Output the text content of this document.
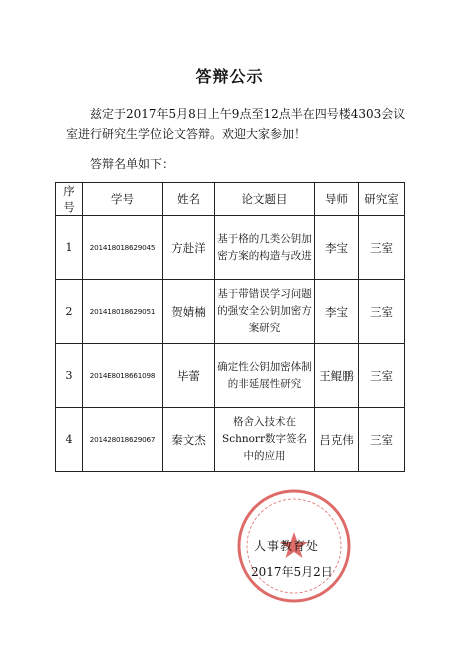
答辩公示

兹定于2017年5月8日上午9点至12点半在四号楼4303会议室进行研究生学位论文答辩。欢迎大家参加！

答辩名单如下：
序号	学号	姓名	论文题目	导师	研究室
1	201418018629045	方赴洋	基于格的几类公钥加密方案的构造与改进	李宝	三室
2	201418018629051	贺婧楠	基于带错误学习问题的强安全公钥加密方案研究	李宝	三室
3	2014E8018661098	毕蕾	确定性公钥加密体制的非延展性研究	王鲲鹏	三室
4	201428018629067	秦文杰	格舍入技术在Schnorr数字签名中的应用	吕克伟	三室
人事教育处
2017年5月2日
